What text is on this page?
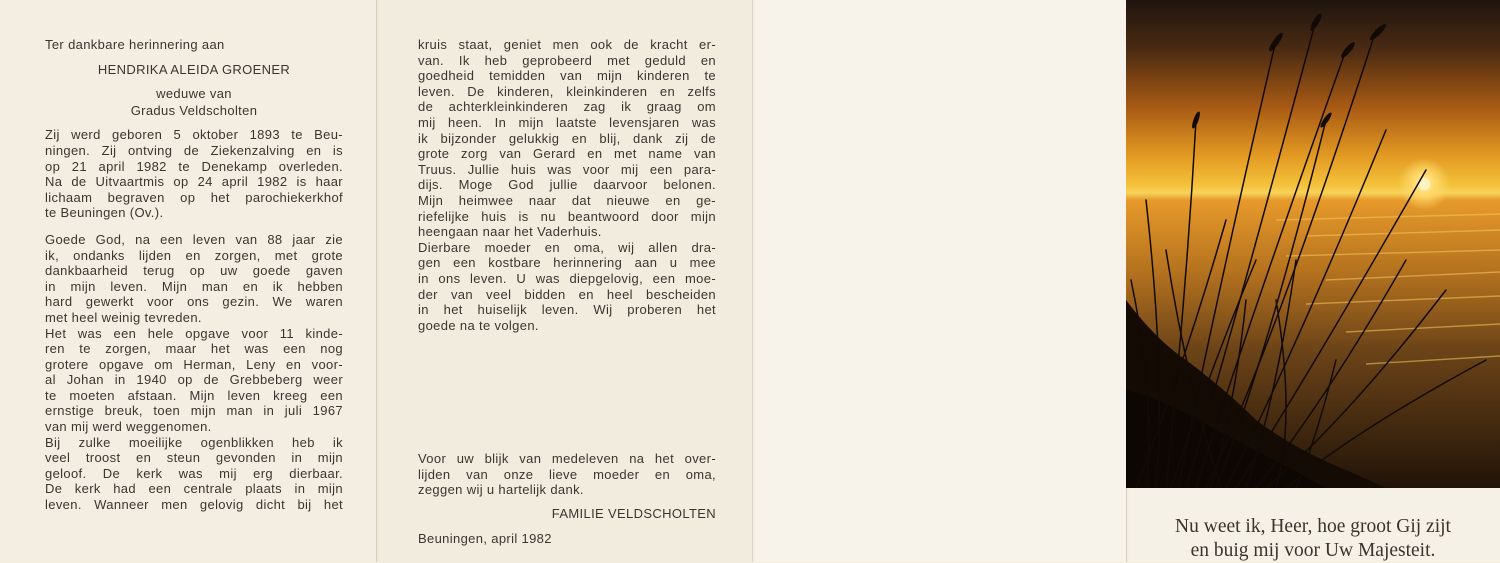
Ter dankbare herinnering aan
HENDRIKA ALEIDA GROENER
weduwe van
Gradus Veldscholten
Zij werd geboren 5 oktober 1893 te Beu-
ningen. Zij ontving de Ziekenzalving en is
op 21 april 1982 te Denekamp overleden.
Na de Uitvaartmis op 24 april 1982 is haar
lichaam begraven op het parochiekerkhof
te Beuningen (Ov.).
Goede God, na een leven van 88 jaar zie
ik, ondanks lijden en zorgen, met grote
dankbaarheid terug op uw goede gaven
in mijn leven. Mijn man en ik hebben
hard gewerkt voor ons gezin. We waren
met heel weinig tevreden.
Het was een hele opgave voor 11 kinde-
ren te zorgen, maar het was een nog
grotere opgave om Herman, Leny en voor-
al Johan in 1940 op de Grebbeberg weer
te moeten afstaan. Mijn leven kreeg een
ernstige breuk, toen mijn man in juli 1967
van mij werd weggenomen.
Bij zulke moeilijke ogenblikken heb ik
veel troost en steun gevonden in mijn
geloof. De kerk was mij erg dierbaar.
De kerk had een centrale plaats in mijn
leven. Wanneer men gelovig dicht bij het
kruis staat, geniet men ook de kracht er-
van. Ik heb geprobeerd met geduld en
goedheid temidden van mijn kinderen te
leven. De kinderen, kleinkinderen en zelfs
de achterkleinkinderen zag ik graag om
mij heen. In mijn laatste levensjaren was
ik bijzonder gelukkig en blij, dank zij de
grote zorg van Gerard en met name van
Truus. Jullie huis was voor mij een para-
dijs. Moge God jullie daarvoor belonen.
Mijn heimwee naar dat nieuwe en ge-
riefelijke huis is nu beantwoord door mijn
heengaan naar het Vaderhuis.
Dierbare moeder en oma, wij allen dra-
gen een kostbare herinnering aan u mee
in ons leven. U was diepgelovig, een moe-
der van veel bidden en heel bescheiden
in het huiselijk leven. Wij proberen het
goede na te volgen.
Voor uw blijk van medeleven na het over-
lijden van onze lieve moeder en oma,
zeggen wij u hartelijk dank.
FAMILIE VELDSCHOLTEN
Beuningen, april 1982
Nu weet ik, Heer, hoe groot Gij zijt
en buig mij voor Uw Majesteit.
